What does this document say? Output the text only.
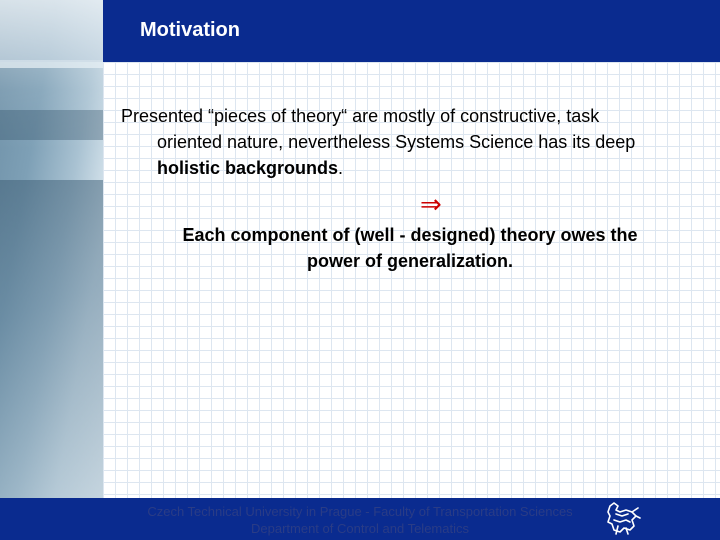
Motivation
Presented “pieces of theory“ are mostly of constructive, task
oriented nature, nevertheless Systems Science has its deep
holistic backgrounds.
⇒
Each component of (well - designed) theory owes the
power of generalization.
Czech Technical University in Prague - Faculty of Transportation Sciences
Department of Control and Telematics
